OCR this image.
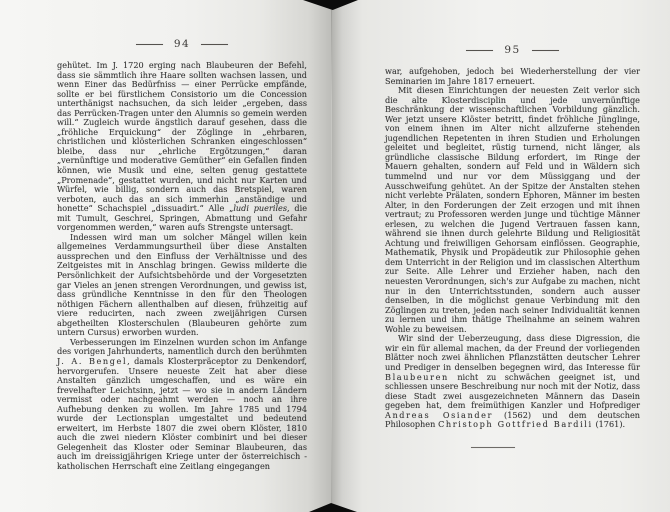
94

gehütet. Im J. 1720 erging nach Blaubeuren der Befehl, dass sie sämmtlich ihre Haare sollten wachsen lassen, und wenn Einer das Bedürfniss — einer Perrücke empfände, sollte er bei fürstlichem Consistorio um die Concession unterthänigst nachsuchen, da sich leider „ergeben, dass das Perrücken-Tragen unter den Alumnis so gemein werden will.“ Zugleich wurde ängstlich darauf gesehen, dass die „fröhliche Erquickung“ der Zöglinge in „ehrbaren, christlichen und klösterlichen Schranken eingeschlossen“ bleibe, dass nur „ehrliche Ergötzungen,“ daran „vernünftige und moderative Gemüther“ ein Gefallen finden können, wie Musik und eine, selten genug gestattete „Promenade“, gestattet wurden, und nicht nur Karten und Würfel, wie billig, sondern auch das Bretspiel, waren verboten, auch das an sich immerhin „anständige und honette“ Schachspiel „dissuadirt.“ Alle „ludi pueriles, die mit Tumult, Geschrei, Springen, Abmattung und Gefahr vorgenommen werden,“ waren aufs Strengste untersagt.

Indessen wird man um solcher Mängel willen kein allgemeines Verdammungsurtheil über diese Anstalten aussprechen und den Einfluss der Verhältnisse und des Zeitgeistes mit in Anschlag bringen. Gewiss milderte die Persönlichkeit der Aufsichtsbehörde und der Vorgesetzten gar Vieles an jenen strengen Verordnungen, und gewiss ist, dass gründliche Kenntnisse in den für den Theologen nöthigen Fächern allenthalben auf diesen, frühzeitig auf viere reducirten, nach zween zweijährigen Cursen abgetheilten Klosterschulen (Blaubeuren gehörte zum untern Cursus) erworben wurden.

Verbesserungen im Einzelnen wurden schon im Anfange des vorigen Jahrhunderts, namentlich durch den berühmten J. A. Bengel, damals Klosterpräceptor zu Denkendorf, hervorgerufen. Unsere neueste Zeit hat aber diese Anstalten gänzlich umgeschaffen, und es wäre ein frevelhafter Leichtsinn, jetzt — wo sie in andern Ländern vermisst oder nachgeahmt werden — noch an ihre Aufhebung denken zu wollen. Im Jahre 1785 und 1794 wurde der Lectionsplan umgestaltet und bedeutend erweitert, im Herbste 1807 die zwei obern Klöster, 1810 auch die zwei niedern Klöster combinirt und bei dieser Gelegenheit das Kloster oder Seminar Blaubeuren, das auch im dreissigjährigen Kriege unter der österreichisch - katholischen Herrschaft eine Zeitlang eingegangen

95

war, aufgehoben, jedoch bei Wiederherstellung der vier Seminarien im Jahre 1817 erneuert.

Mit diesen Einrichtungen der neuesten Zeit verlor sich die alte Klosterdisciplin und jede unvernünftige Beschränkung der wissenschaftlichen Vorbildung gänzlich. Wer jetzt unsere Klöster betritt, findet fröhliche Jünglinge, von einem ihnen im Alter nicht allzuferne stehenden jugendlichen Repetenten in ihren Studien und Erholungen geleitet und begleitet, rüstig turnend, nicht länger, als gründliche classische Bildung erfordert, im Ringe der Mauern gehalten, sondern auf Feld und in Wäldern sich tummelnd und nur vor dem Müssiggang und der Ausschweifung gehütet. An der Spitze der Anstalten stehen nicht verlebte Prälaten, sondern Ephoren, Männer im besten Alter, in den Forderungen der Zeit erzogen und mit ihnen vertraut; zu Professoren werden junge und tüchtige Männer erlesen, zu welchen die Jugend Vertrauen fassen kann, während sie ihnen durch gelehrte Bildung und Religiosität Achtung und freiwilligen Gehorsam einflössen. Geographie, Mathematik, Physik und Propädeutik zur Philosophie gehen dem Unterricht in der Religion und im classischen Alterthum zur Seite. Alle Lehrer und Erzieher haben, nach den neuesten Verordnungen, sich's zur Aufgabe zu machen, nicht nur in den Unterrichtsstunden, sondern auch ausser denselben, in die möglichst genaue Verbindung mit den Zöglingen zu treten, jeden nach seiner Individualität kennen zu lernen und ihm thätige Theilnahme an seinem wahren Wohle zu beweisen.

Wir sind der Ueberzeugung, dass diese Digression, die wir ein für allemal machen, da der Freund der vorliegenden Blätter noch zwei ähnlichen Pflanzstätten deutscher Lehrer und Prediger in denselben begegnen wird, das Interesse für Blaubeuren nicht zu schwächen geeignet ist, und schliessen unsere Beschreibung nur noch mit der Notiz, dass diese Stadt zwei ausgezeichneten Männern das Dasein gegeben hat, dem freimüthigen Kanzler und Hofprediger Andreas Osiander (1562) und dem deutschen Philosophen Christoph Gottfried Bardili (1761).
